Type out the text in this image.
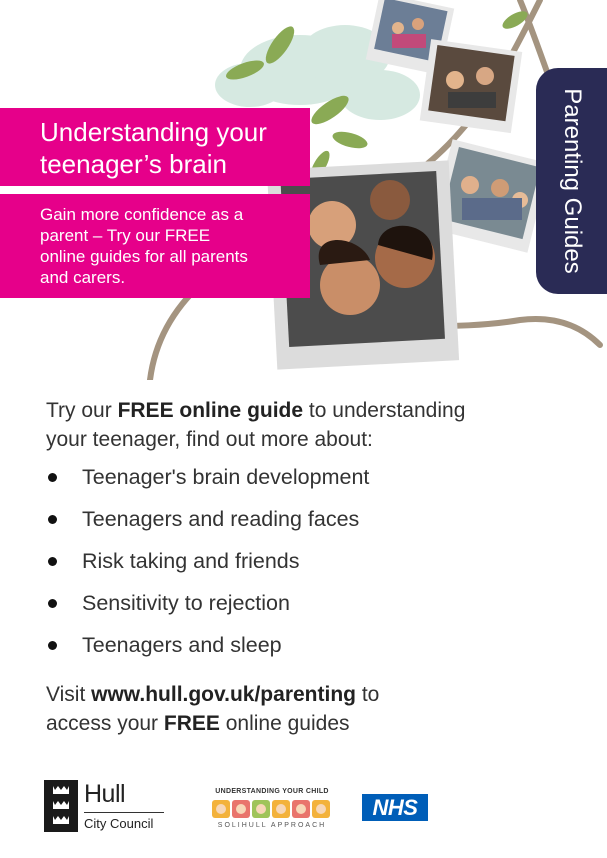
Understanding your
teenager’s brain
Gain more confidence as a
parent – Try our FREE
online guides for all parents
and carers.
Parenting Guides
Try our FREE online guide to understanding
your teenager, find out more about:
Teenager's brain development
Teenagers and reading faces
Risk taking and friends
Sensitivity to rejection
Teenagers and sleep
Visit www.hull.gov.uk/parenting to
access your FREE online guides
Hull
City Council
UNDERSTANDING YOUR CHILD
SOLIHULL APPROACH
NHS
